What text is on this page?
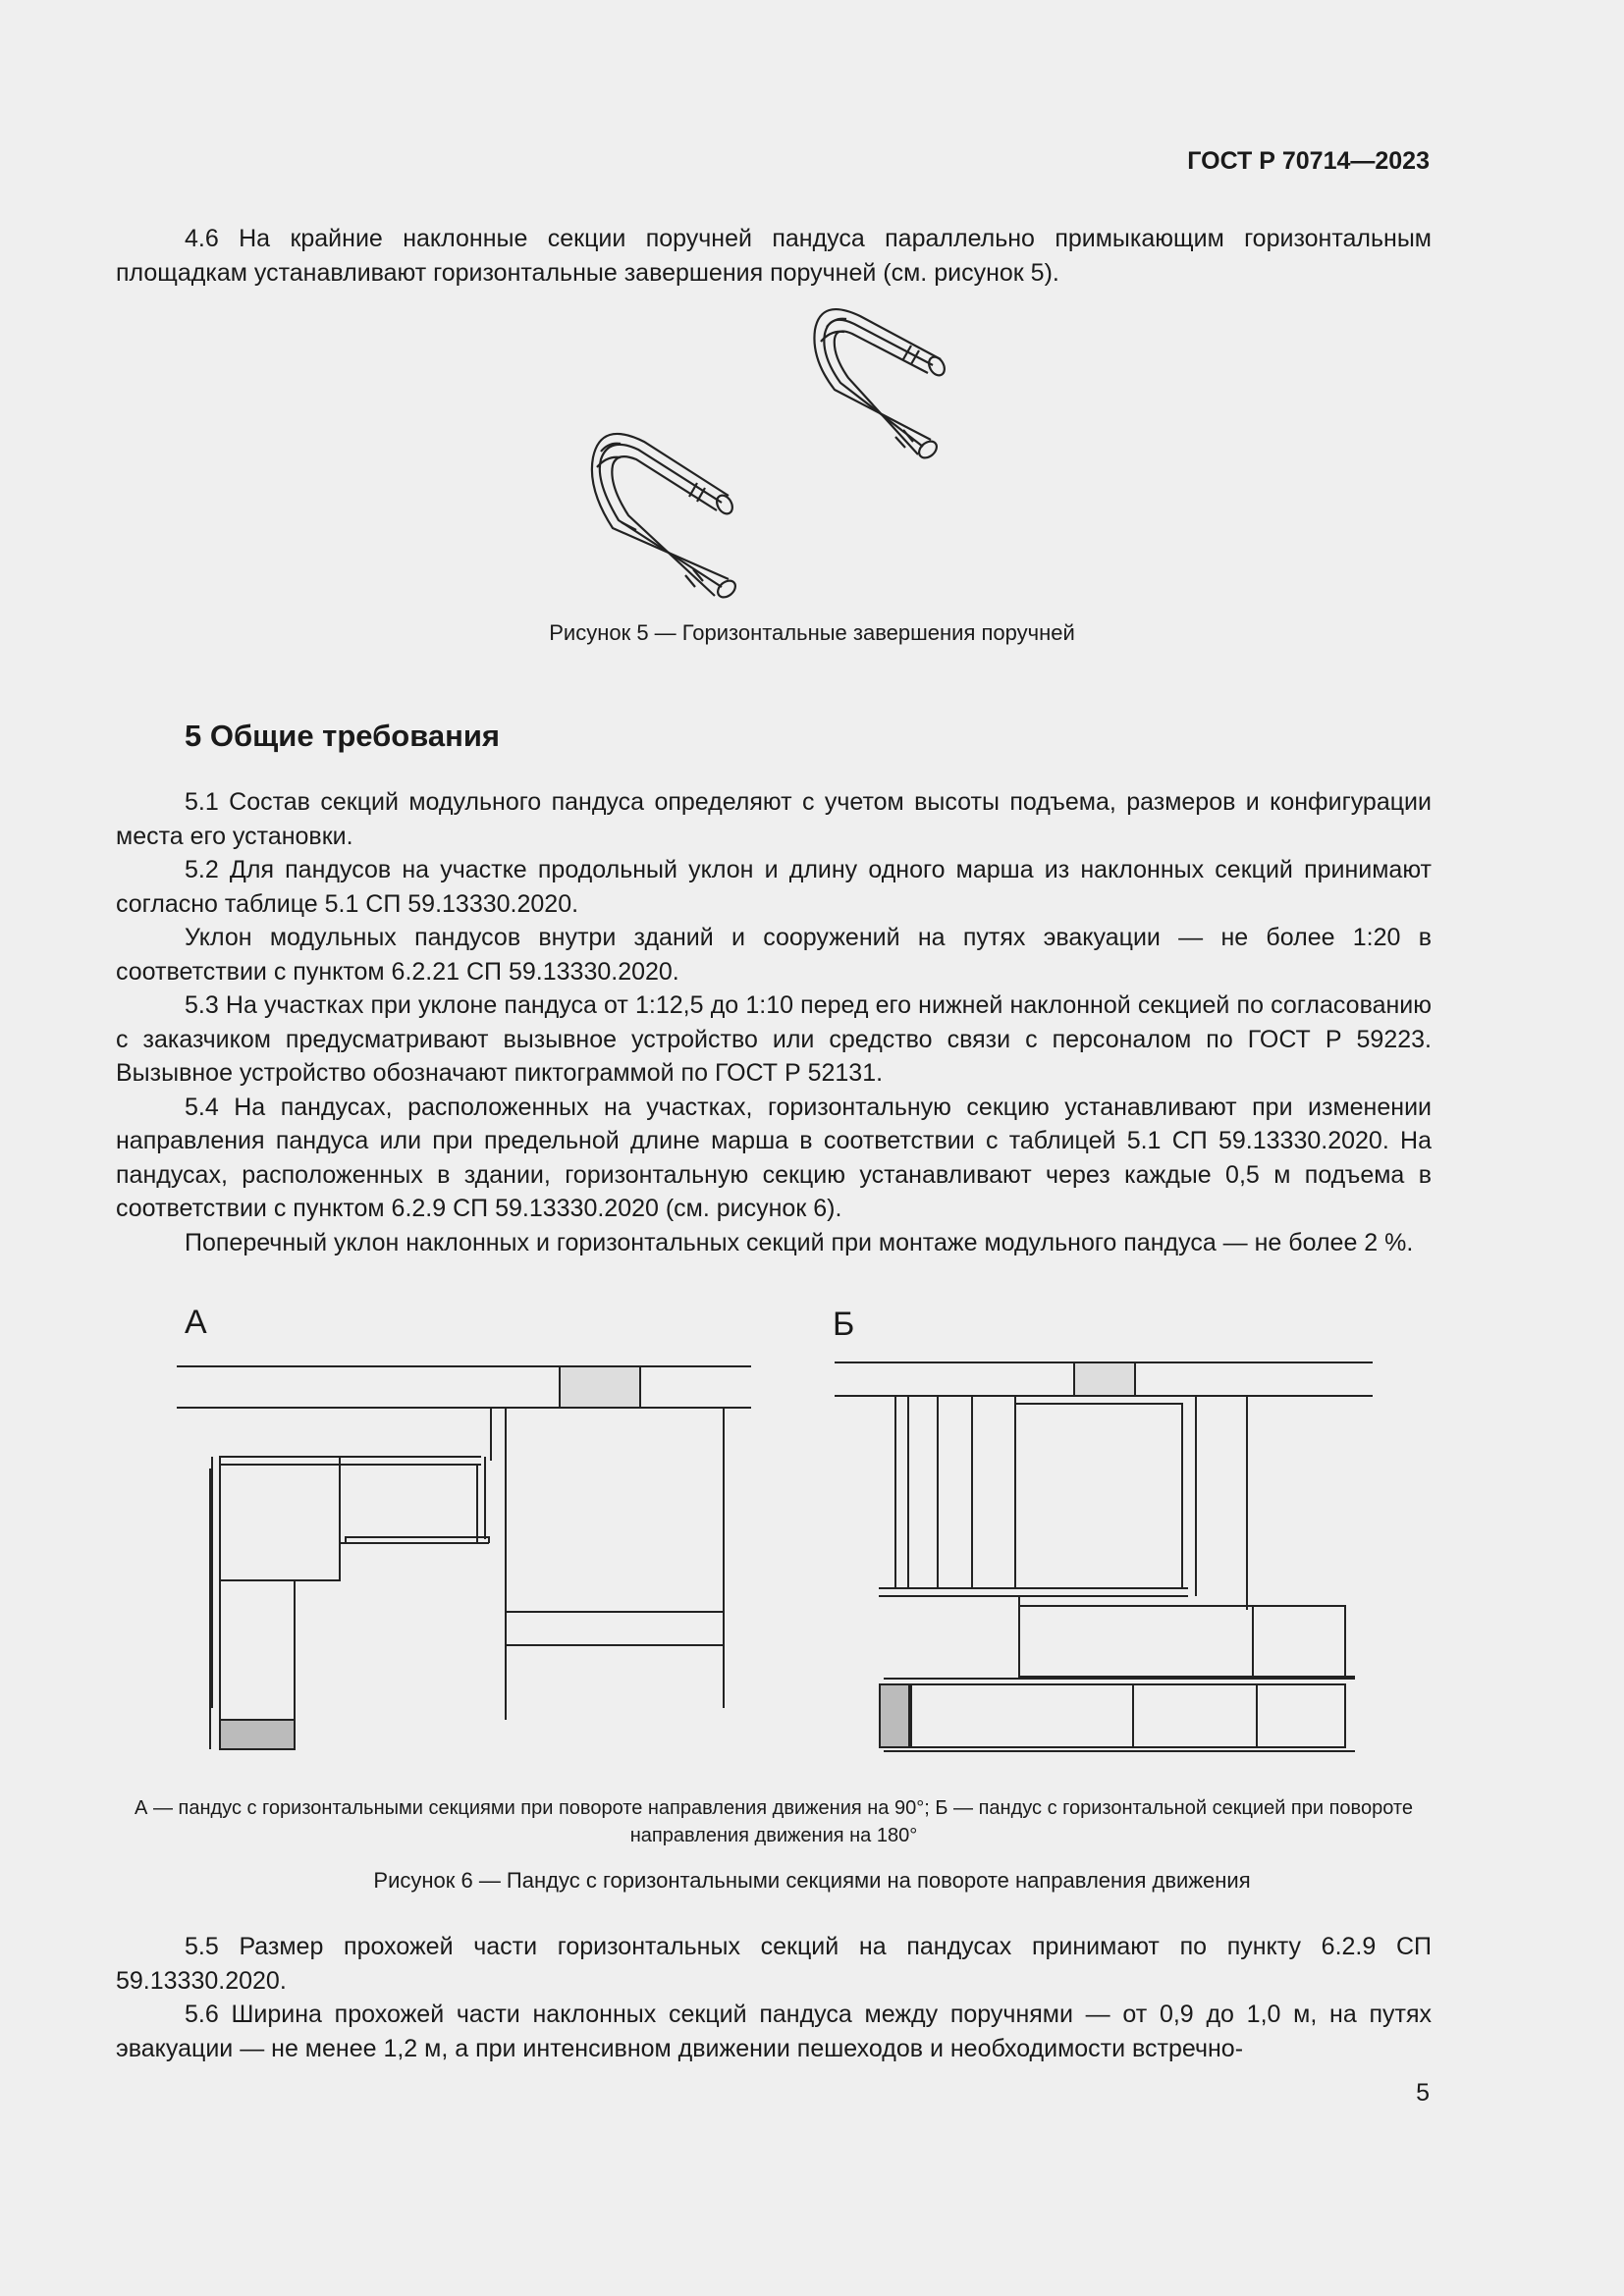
ГОСТ Р 70714—2023

4.6 На крайние наклонные секции поручней пандуса параллельно примыкающим горизонтальным площадкам устанавливают горизонтальные завершения поручней (см. рисунок 5).

Рисунок 5 — Горизонтальные завершения поручней
5 Общие требования

5.1 Состав секций модульного пандуса определяют с учетом высоты подъема, размеров и конфигурации места его установки.

5.2 Для пандусов на участке продольный уклон и длину одного марша из наклонных секций принимают согласно таблице 5.1 СП 59.13330.2020.

Уклон модульных пандусов внутри зданий и сооружений на путях эвакуации — не более 1:20 в соответствии с пунктом 6.2.21 СП 59.13330.2020.

5.3 На участках при уклоне пандуса от 1:12,5 до 1:10 перед его нижней наклонной секцией по согласованию с заказчиком предусматривают вызывное устройство или средство связи с персоналом по ГОСТ Р 59223. Вызывное устройство обозначают пиктограммой по ГОСТ Р 52131.

5.4 На пандусах, расположенных на участках, горизонтальную секцию устанавливают при изменении направления пандуса или при предельной длине марша в соответствии с таблицей 5.1 СП 59.13330.2020. На пандусах, расположенных в здании, горизонтальную секцию устанавливают через каждые 0,5 м подъема в соответствии с пунктом 6.2.9 СП 59.13330.2020 (см. рисунок 6).

Поперечный уклон наклонных и горизонтальных секций при монтаже модульного пандуса — не более 2 %.

А	Б
А — пандус с горизонтальными секциями при повороте направления движения на 90°; Б — пандус с горизонтальной секцией при повороте направления движения на 180°
Рисунок 6 — Пандус с горизонтальными секциями на повороте направления движения

5.5 Размер прохожей части горизонтальных секций на пандусах принимают по пункту 6.2.9 СП 59.13330.2020.

5.6 Ширина прохожей части наклонных секций пандуса между поручнями — от 0,9 до 1,0 м, на путях эвакуации — не менее 1,2 м, а при интенсивном движении пешеходов и необходимости встречно-

5
